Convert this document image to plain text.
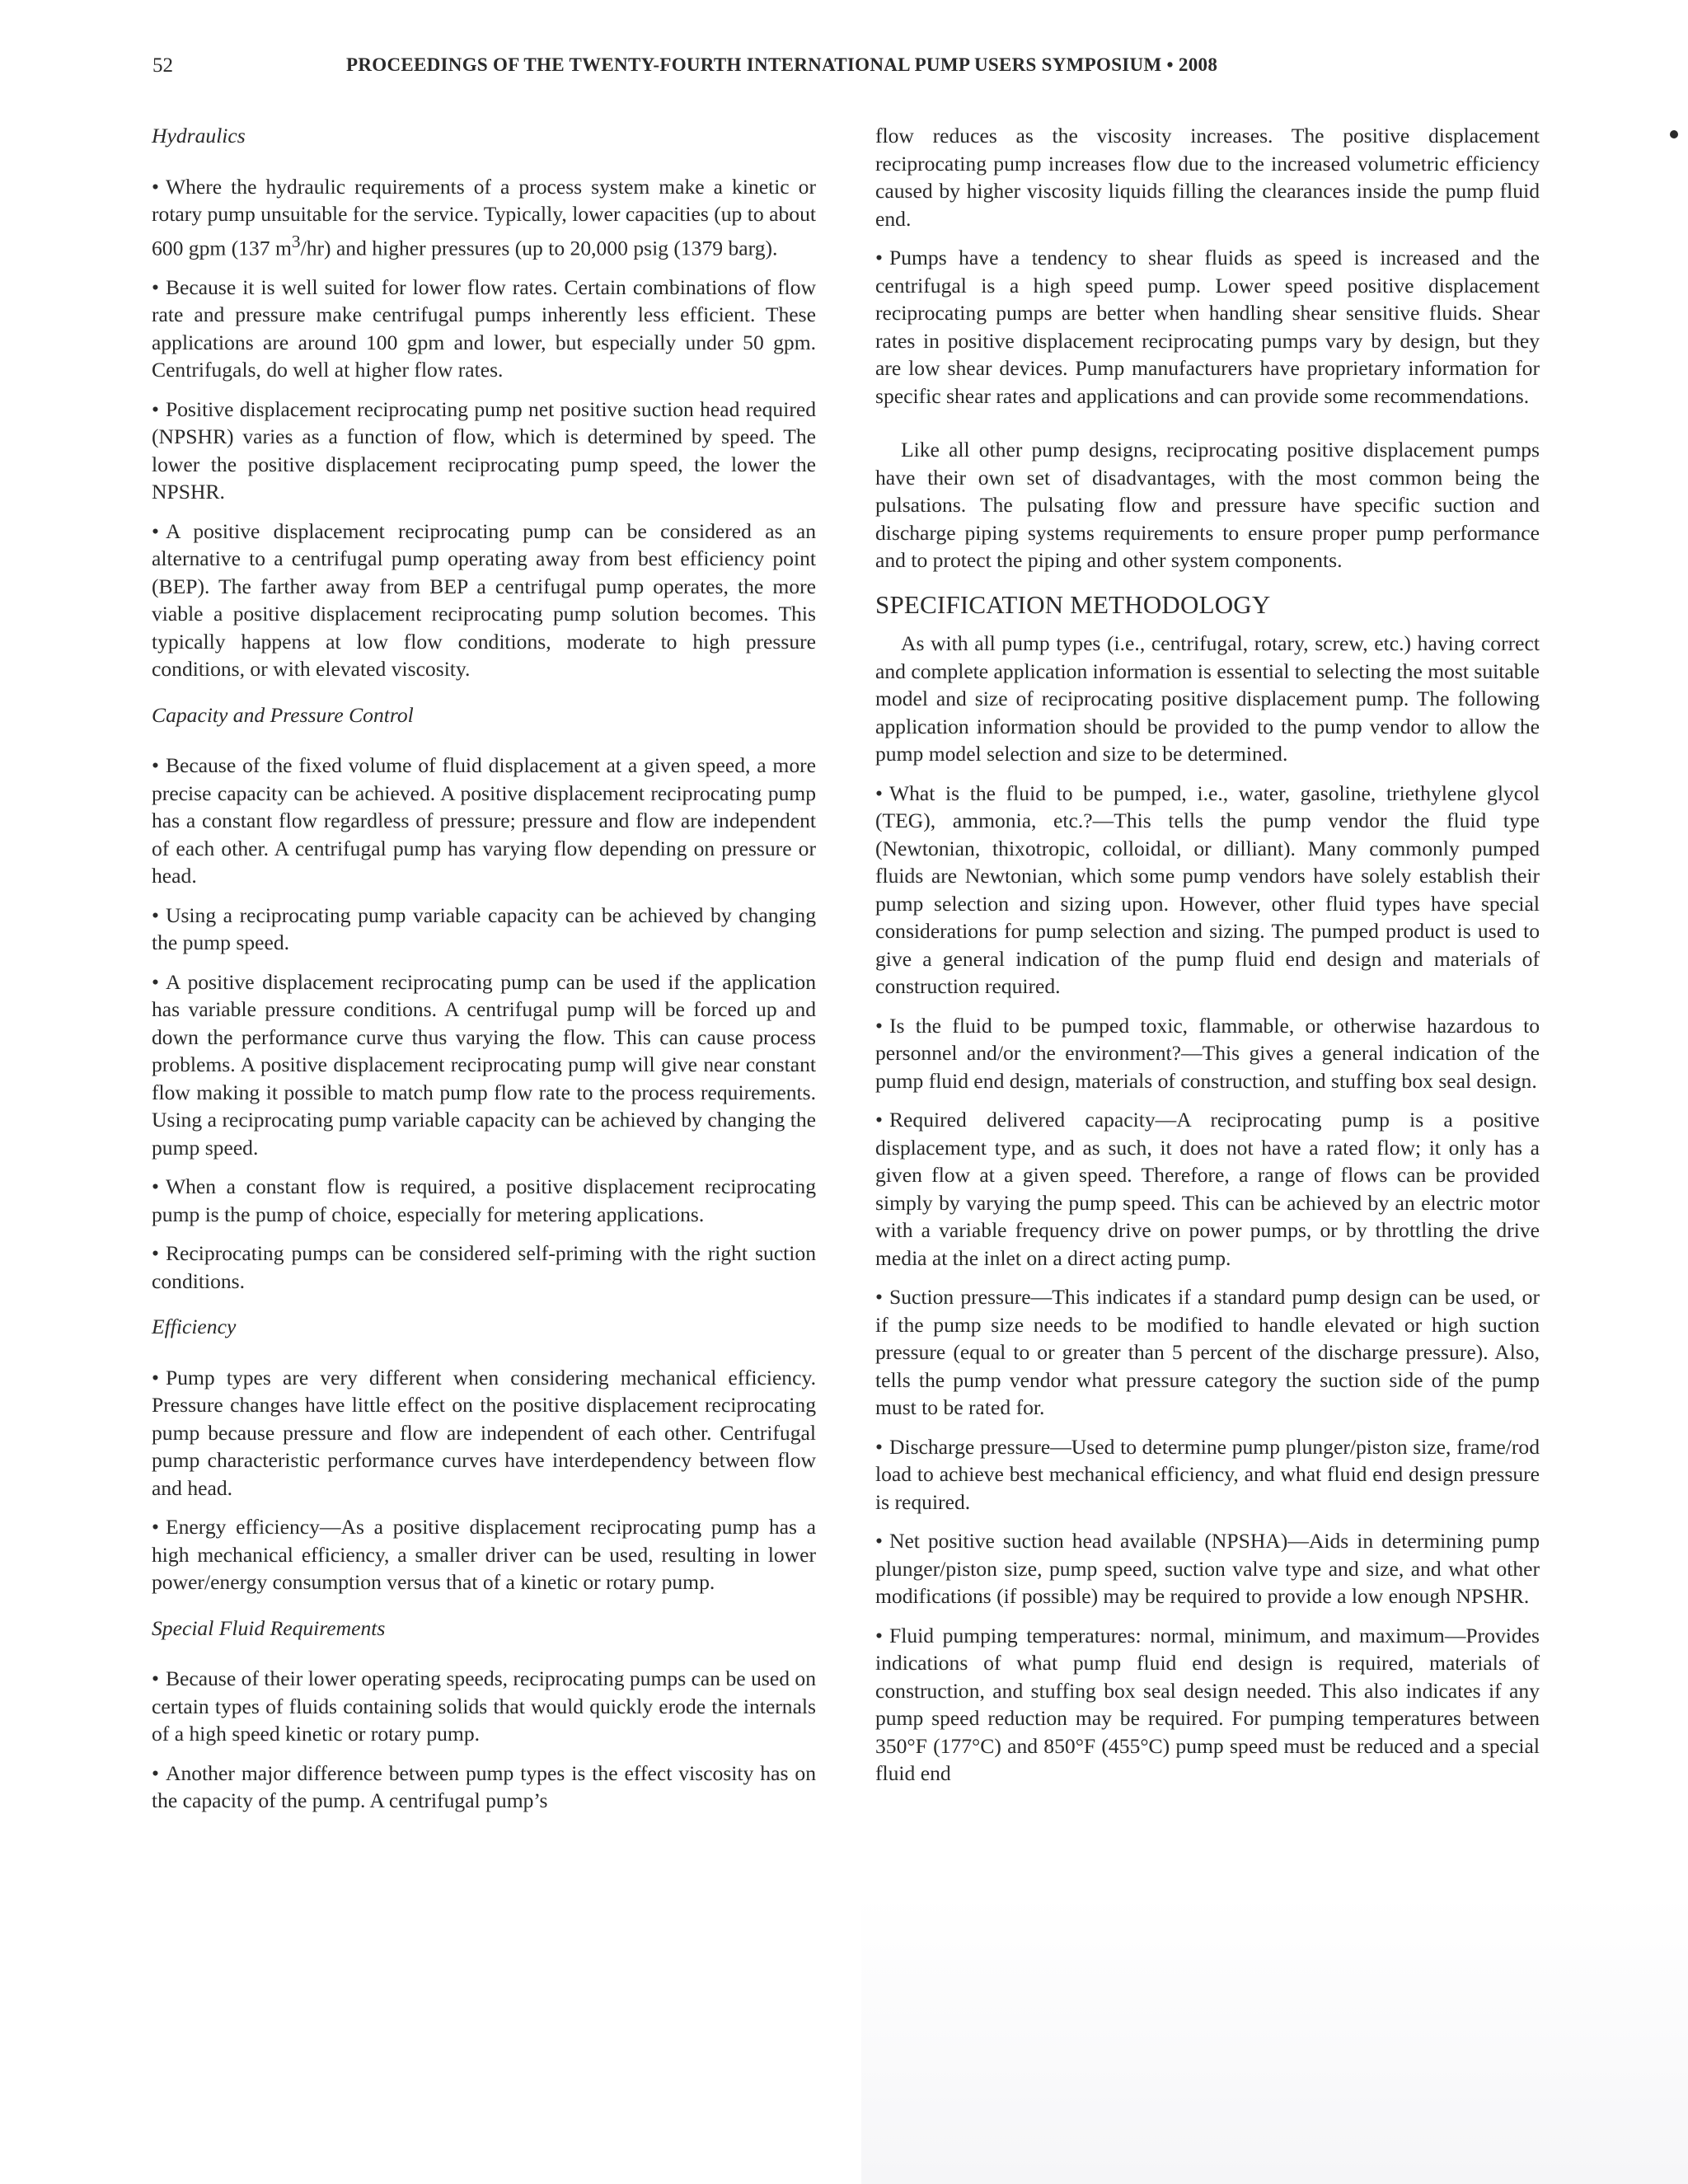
52	PROCEEDINGS OF THE TWENTY-FOURTH INTERNATIONAL PUMP USERS SYMPOSIUM • 2008

Hydraulics

• Where the hydraulic requirements of a process system make a kinetic or rotary pump unsuitable for the service. Typically, lower capacities (up to about 600 gpm (137 $m^3/hr$) and higher pressures (up to 20,000 psig (1379 barg).

• Because it is well suited for lower flow rates. Certain combinations of flow rate and pressure make centrifugal pumps inherently less efficient. These applications are around 100 gpm and lower, but especially under 50 gpm. Centrifugals, do well at higher flow rates.

• Positive displacement reciprocating pump net positive suction head required (NPSHR) varies as a function of flow, which is determined by speed. The lower the positive displacement reciprocating pump speed, the lower the NPSHR.

• A positive displacement reciprocating pump can be considered as an alternative to a centrifugal pump operating away from best efficiency point (BEP). The farther away from BEP a centrifugal pump operates, the more viable a positive displacement reciprocating pump solution becomes. This typically happens at low flow conditions, moderate to high pressure conditions, or with elevated viscosity.

Capacity and Pressure Control

• Because of the fixed volume of fluid displacement at a given speed, a more precise capacity can be achieved. A positive displacement reciprocating pump has a constant flow regardless of pressure; pressure and flow are independent of each other. A centrifugal pump has varying flow depending on pressure or head.

• Using a reciprocating pump variable capacity can be achieved by changing the pump speed.

• A positive displacement reciprocating pump can be used if the application has variable pressure conditions. A centrifugal pump will be forced up and down the performance curve thus varying the flow. This can cause process problems. A positive displacement reciprocating pump will give near constant flow making it possible to match pump flow rate to the process requirements. Using a reciprocating pump variable capacity can be achieved by changing the pump speed.

• When a constant flow is required, a positive displacement reciprocating pump is the pump of choice, especially for metering applications.

• Reciprocating pumps can be considered self-priming with the right suction conditions.

Efficiency

• Pump types are very different when considering mechanical efficiency. Pressure changes have little effect on the positive displacement reciprocating pump because pressure and flow are independent of each other. Centrifugal pump characteristic performance curves have interdependency between flow and head.

• Energy efficiency—As a positive displacement reciprocating pump has a high mechanical efficiency, a smaller driver can be used, resulting in lower power/energy consumption versus that of a kinetic or rotary pump.

Special Fluid Requirements

• Because of their lower operating speeds, reciprocating pumps can be used on certain types of fluids containing solids that would quickly erode the internals of a high speed kinetic or rotary pump.

• Another major difference between pump types is the effect viscosity has on the capacity of the pump. A centrifugal pump’s

flow reduces as the viscosity increases. The positive displacement reciprocating pump increases flow due to the increased volumetric efficiency caused by higher viscosity liquids filling the clearances inside the pump fluid end.

• Pumps have a tendency to shear fluids as speed is increased and the centrifugal is a high speed pump. Lower speed positive displacement reciprocating pumps are better when handling shear sensitive fluids. Shear rates in positive displacement reciprocating pumps vary by design, but they are low shear devices. Pump manufacturers have proprietary information for specific shear rates and applications and can provide some recommendations.

Like all other pump designs, reciprocating positive displacement pumps have their own set of disadvantages, with the most common being the pulsations. The pulsating flow and pressure have specific suction and discharge piping systems requirements to ensure proper pump performance and to protect the piping and other system components.

SPECIFICATION METHODOLOGY

As with all pump types (i.e., centrifugal, rotary, screw, etc.) having correct and complete application information is essential to selecting the most suitable model and size of reciprocating positive displacement pump. The following application information should be provided to the pump vendor to allow the pump model selection and size to be determined.

• What is the fluid to be pumped, i.e., water, gasoline, triethylene glycol (TEG), ammonia, etc.?—This tells the pump vendor the fluid type (Newtonian, thixotropic, colloidal, or dilliant). Many commonly pumped fluids are Newtonian, which some pump vendors have solely establish their pump selection and sizing upon. However, other fluid types have special considerations for pump selection and sizing. The pumped product is used to give a general indication of the pump fluid end design and materials of construction required.

• Is the fluid to be pumped toxic, flammable, or otherwise hazardous to personnel and/or the environment?—This gives a general indication of the pump fluid end design, materials of construction, and stuffing box seal design.

• Required delivered capacity—A reciprocating pump is a positive displacement type, and as such, it does not have a rated flow; it only has a given flow at a given speed. Therefore, a range of flows can be provided simply by varying the pump speed. This can be achieved by an electric motor with a variable frequency drive on power pumps, or by throttling the drive media at the inlet on a direct acting pump.

• Suction pressure—This indicates if a standard pump design can be used, or if the pump size needs to be modified to handle elevated or high suction pressure (equal to or greater than 5 percent of the discharge pressure). Also, tells the pump vendor what pressure category the suction side of the pump must to be rated for.

• Discharge pressure—Used to determine pump plunger/piston size, frame/rod load to achieve best mechanical efficiency, and what fluid end design pressure is required.

• Net positive suction head available (NPSHA)—Aids in determining pump plunger/piston size, pump speed, suction valve type and size, and what other modifications (if possible) may be required to provide a low enough NPSHR.

• Fluid pumping temperatures: normal, minimum, and maximum—Provides indications of what pump fluid end design is required, materials of construction, and stuffing box seal design needed. This also indicates if any pump speed reduction may be required. For pumping temperatures between 350°F (177°C) and 850°F (455°C) pump speed must be reduced and a special fluid end
